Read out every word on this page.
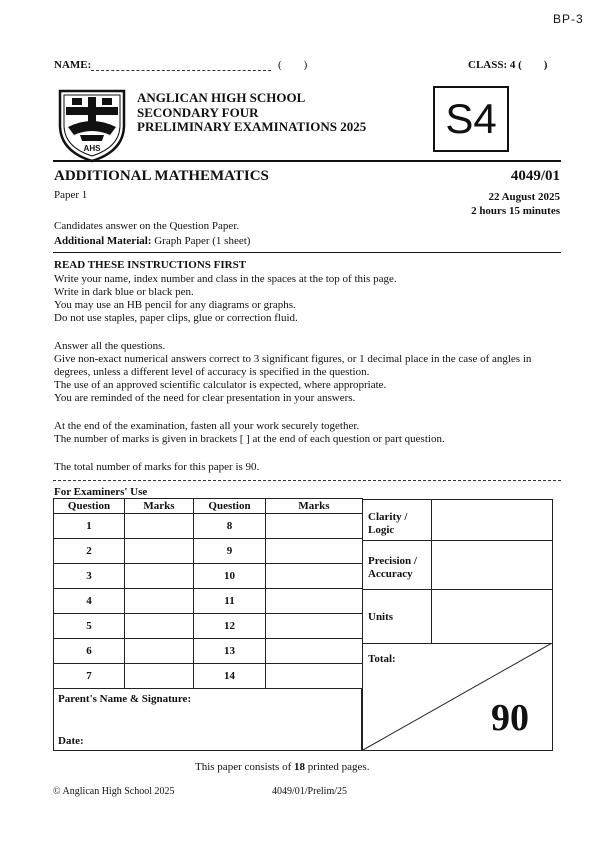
BP-3
NAME:	(        )	CLASS: 4 (        )
AHS
ANGLICAN HIGH SCHOOL
SECONDARY FOUR
PRELIMINARY EXAMINATIONS 2025 S4
ADDITIONAL MATHEMATICS	4049/01
Paper 1	22 August 2025
2 hours 15 minutes
Candidates answer on the Question Paper.
Additional Material: Graph Paper (1 sheet)
READ THESE INSTRUCTIONS FIRST
Write your name, index number and class in the spaces at the top of this page.
Write in dark blue or black pen.
You may use an HB pencil for any diagrams or graphs.
Do not use staples, paper clips, glue or correction fluid.
Answer all the questions.
Give non-exact numerical answers correct to 3 significant figures, or 1 decimal place in the case of angles in
degrees, unless a different level of accuracy is specified in the question.
The use of an approved scientific calculator is expected, where appropriate.
You are reminded of the need for clear presentation in your answers.
At the end of the examination, fasten all your work securely together.
The number of marks is given in brackets [ ] at the end of each question or part question.
The total number of marks for this paper is 90.
For Examiners' Use
Question	Marks	Question	Marks
1		8	
2		9	
3		10	
4		11	
5		12	
6		13	
7		14	
Parent's Name & Signature:
Date:
Clarity /
Logic
Precision /
Accuracy
Units
Total:
90
This paper consists of 18 printed pages.
© Anglican High School 2025	4049/01/Prelim/25
